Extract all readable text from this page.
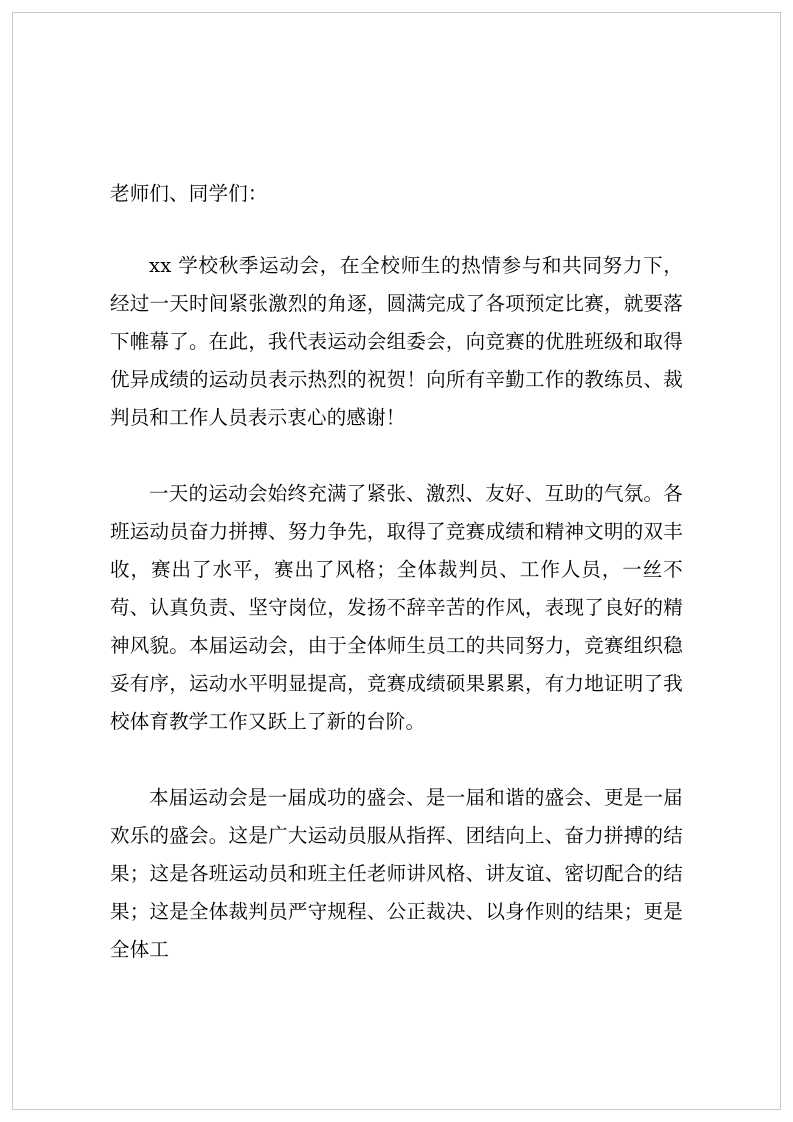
老师们、同学们：

xx 学校秋季运动会，在全校师生的热情参与和共同努力下，经过一天时间紧张激烈的角逐，圆满完成了各项预定比赛，就要落下帷幕了。在此，我代表运动会组委会，向竞赛的优胜班级和取得优异成绩的运动员表示热烈的祝贺！向所有辛勤工作的教练员、裁判员和工作人员表示衷心的感谢！

一天的运动会始终充满了紧张、激烈、友好、互助的气氛。各班运动员奋力拼搏、努力争先，取得了竞赛成绩和精神文明的双丰收，赛出了水平，赛出了风格；全体裁判员、工作人员，一丝不苟、认真负责、坚守岗位，发扬不辞辛苦的作风，表现了良好的精神风貌。本届运动会，由于全体师生员工的共同努力，竞赛组织稳妥有序，运动水平明显提高，竞赛成绩硕果累累，有力地证明了我校体育教学工作又跃上了新的台阶。

本届运动会是一届成功的盛会、是一届和谐的盛会、更是一届欢乐的盛会。这是广大运动员服从指挥、团结向上、奋力拼搏的结果；这是各班运动员和班主任老师讲风格、讲友谊、密切配合的结果；这是全体裁判员严守规程、公正裁决、以身作则的结果；更是全体工
